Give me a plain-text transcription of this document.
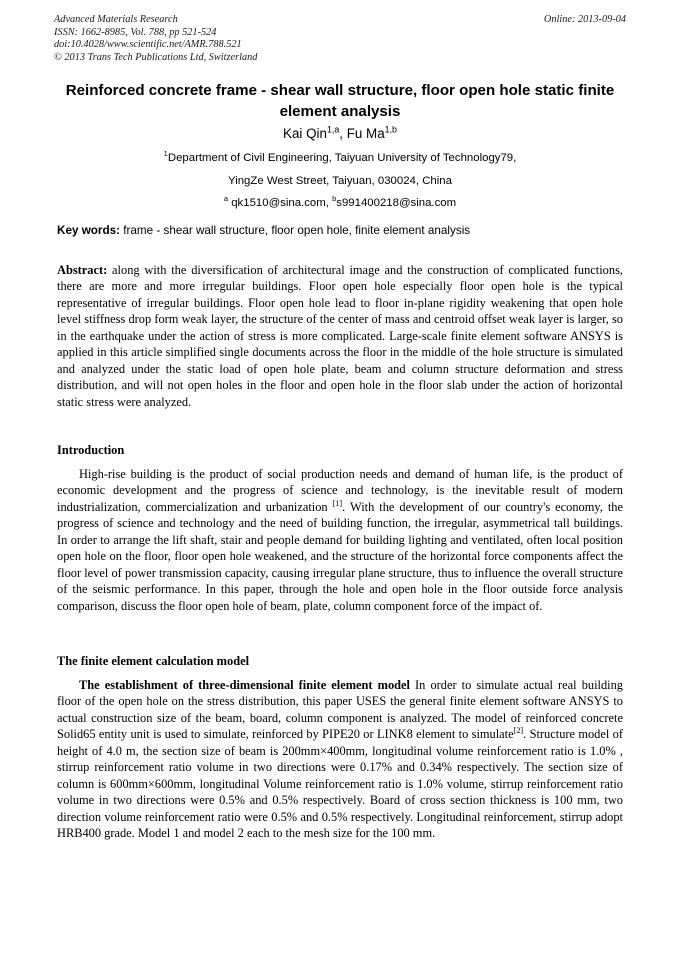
Advanced Materials Research
ISSN: 1662-8985, Vol. 788, pp 521-524
doi:10.4028/www.scientific.net/AMR.788.521
© 2013 Trans Tech Publications Ltd, Switzerland
Online: 2013-09-04
Reinforced concrete frame - shear wall structure, floor open hole static finite element analysis
Kai Qin$^{1,a}$, Fu Ma$^{1,b}$
$^1$Department of Civil Engineering, Taiyuan University of Technology79,
YingZe West Street, Taiyuan, 030024, China
$^a$ qk1510@sina.com, $^b$s991400218@sina.com
Key words: frame - shear wall structure, floor open hole, finite element analysis

Abstract: along with the diversification of architectural image and the construction of complicated functions, there are more and more irregular buildings. Floor open hole especially floor open hole is the typical representative of irregular buildings. Floor open hole lead to floor in-plane rigidity weakening that open hole level stiffness drop form weak layer, the structure of the center of mass and centroid offset weak layer is larger, so in the earthquake under the action of stress is more complicated. Large-scale finite element software ANSYS is applied in this article simplified single documents across the floor in the middle of the hole structure is simulated and analyzed under the static load of open hole plate, beam and column structure deformation and stress distribution, and will not open holes in the floor and open hole in the floor slab under the action of horizontal static stress were analyzed.

Introduction

High-rise building is the product of social production needs and demand of human life, is the product of economic development and the progress of science and technology, is the inevitable result of modern industrialization, commercialization and urbanization [1]. With the development of our country's economy, the progress of science and technology and the need of building function, the irregular, asymmetrical tall buildings. In order to arrange the lift shaft, stair and people demand for building lighting and ventilated, often local position open hole on the floor, floor open hole weakened, and the structure of the horizontal force components affect the floor level of power transmission capacity, causing irregular plane structure, thus to influence the overall structure of the seismic performance. In this paper, through the hole and open hole in the floor outside force analysis comparison, discuss the floor open hole of beam, plate, column component force of the impact of.

The finite element calculation model

The establishment of three-dimensional finite element model In order to simulate actual real building floor of the open hole on the stress distribution, this paper USES the general finite element software ANSYS to actual construction size of the beam, board, column component is analyzed. The model of reinforced concrete Solid65 entity unit is used to simulate, reinforced by PIPE20 or LINK8 element to simulate[2]. Structure model of height of 4.0 m, the section size of beam is 200mm×400mm, longitudinal volume reinforcement ratio is 1.0% , stirrup reinforcement ratio volume in two directions were 0.17% and 0.34% respectively. The section size of column is 600mm×600mm, longitudinal Volume reinforcement ratio is 1.0% volume, stirrup reinforcement ratio volume in two directions were 0.5% and 0.5% respectively. Board of cross section thickness is 100 mm, two direction volume reinforcement ratio were 0.5% and 0.5% respectively. Longitudinal reinforcement, stirrup adopt HRB400 grade. Model 1 and model 2 each to the mesh size for the 100 mm.
